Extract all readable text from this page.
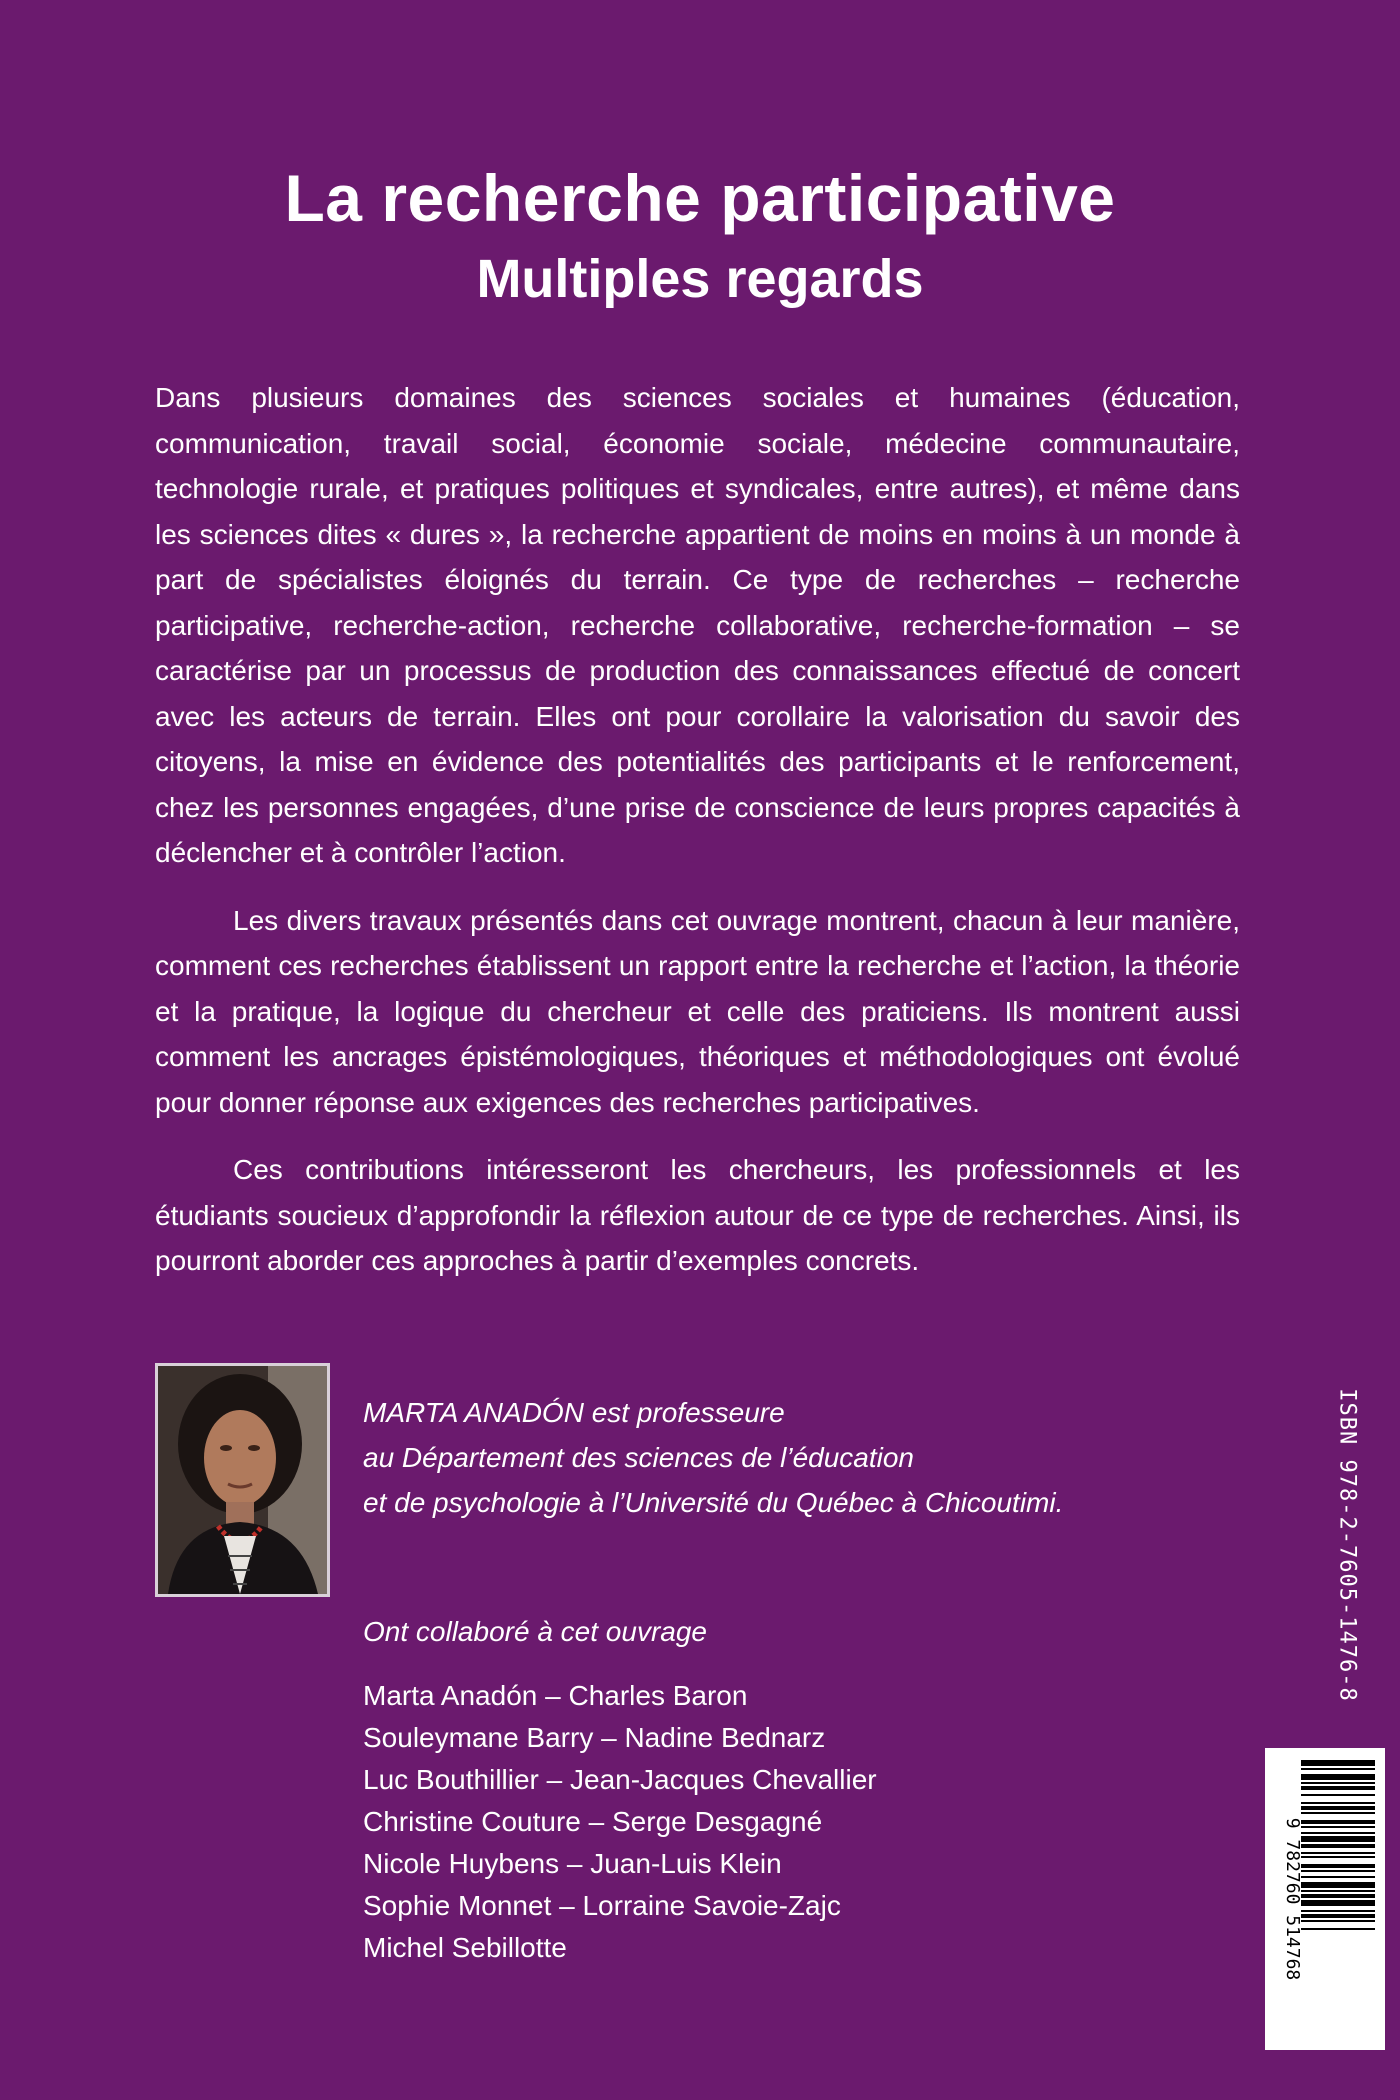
La recherche participative
Multiples regards

Dans plusieurs domaines des sciences sociales et humaines (éducation, communication, travail social, économie sociale, médecine communautaire, technologie rurale, et pratiques politiques et syndicales, entre autres), et même dans les sciences dites « dures », la recherche appartient de moins en moins à un monde à part de spécialistes éloignés du terrain. Ce type de recherches – recherche participative, recherche-action, recherche collaborative, recherche-formation – se caractérise par un processus de production des connaissances effectué de concert avec les acteurs de terrain. Elles ont pour corollaire la valorisation du savoir des citoyens, la mise en évidence des potentialités des participants et le renforcement, chez les personnes engagées, d’une prise de conscience de leurs propres capacités à déclencher et à contrôler l’action.

Les divers travaux présentés dans cet ouvrage montrent, chacun à leur manière, comment ces recherches établissent un rapport entre la recherche et l’action, la théorie et la pratique, la logique du chercheur et celle des praticiens. Ils montrent aussi comment les ancrages épistémologiques, théoriques et méthodologiques ont évolué pour donner réponse aux exigences des recherches participatives.

Ces contributions intéresseront les chercheurs, les professionnels et les étudiants soucieux d’approfondir la réflexion autour de ce type de recherches. Ainsi, ils pourront aborder ces approches à partir d’exemples concrets.

MARTA ANADÓN est professeure
au Département des sciences de l’éducation
et de psychologie à l’Université du Québec à Chicoutimi.
Ont collaboré à cet ouvrage
Marta Anadón – Charles Baron
Souleymane Barry – Nadine Bednarz
Luc Bouthillier – Jean-Jacques Chevallier
Christine Couture – Serge Desgagné
Nicole Huybens – Juan-Luis Klein
Sophie Monnet – Lorraine Savoie-Zajc
Michel Sebillotte
ISBN 978-2-7605-1476-8
9 782760 514768
